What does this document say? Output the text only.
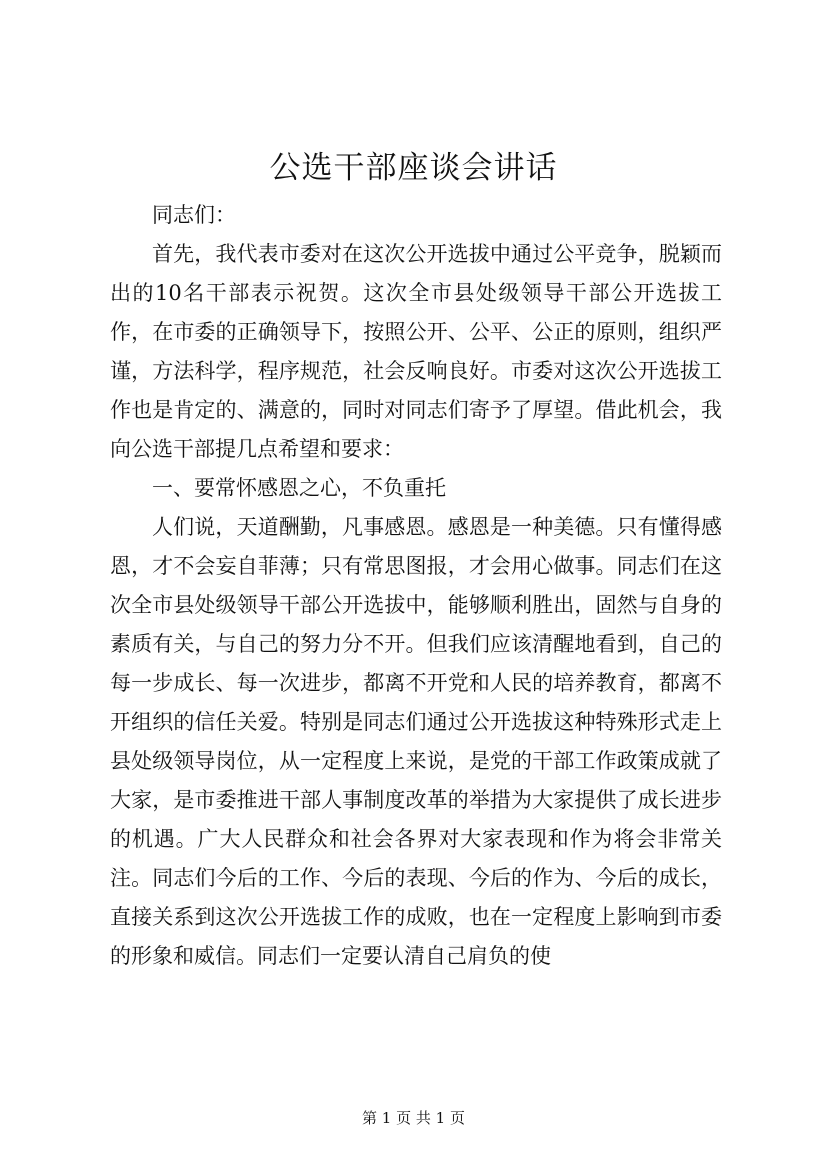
公选干部座谈会讲话

同志们：

首先，我代表市委对在这次公开选拔中通过公平竞争，脱颖而出的10名干部表示祝贺。这次全市县处级领导干部公开选拔工作，在市委的正确领导下，按照公开、公平、公正的原则，组织严谨，方法科学，程序规范，社会反响良好。市委对这次公开选拔工作也是肯定的、满意的，同时对同志们寄予了厚望。借此机会，我向公选干部提几点希望和要求：

一、要常怀感恩之心，不负重托

人们说，天道酬勤，凡事感恩。感恩是一种美德。只有懂得感恩，才不会妄自菲薄；只有常思图报，才会用心做事。同志们在这次全市县处级领导干部公开选拔中，能够顺利胜出，固然与自身的素质有关，与自己的努力分不开。但我们应该清醒地看到，自己的每一步成长、每一次进步，都离不开党和人民的培养教育，都离不开组织的信任关爱。特别是同志们通过公开选拔这种特殊形式走上县处级领导岗位，从一定程度上来说，是党的干部工作政策成就了大家，是市委推进干部人事制度改革的举措为大家提供了成长进步的机遇。广大人民群众和社会各界对大家表现和作为将会非常关注。同志们今后的工作、今后的表现、今后的作为、今后的成长，直接关系到这次公开选拔工作的成败，也在一定程度上影响到市委的形象和威信。同志们一定要认清自己肩负的使

第 1 页 共 1 页
